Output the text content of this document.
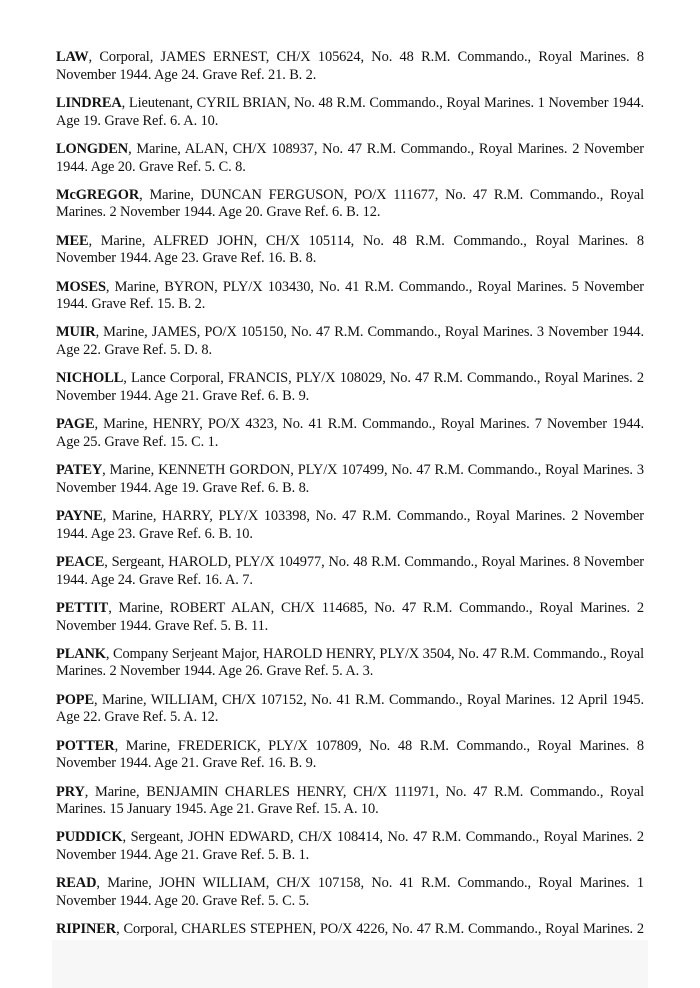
LAW, Corporal, JAMES ERNEST, CH/X 105624, No. 48 R.M. Commando., Royal Marines. 8 November 1944. Age 24. Grave Ref. 21. B. 2.
LINDREA, Lieutenant, CYRIL BRIAN, No. 48 R.M. Commando., Royal Marines. 1 November 1944. Age 19. Grave Ref. 6. A. 10.
LONGDEN, Marine, ALAN, CH/X 108937, No. 47 R.M. Commando., Royal Marines. 2 November 1944. Age 20. Grave Ref. 5. C. 8.
McGREGOR, Marine, DUNCAN FERGUSON, PO/X 111677, No. 47 R.M. Commando., Royal Marines. 2 November 1944. Age 20. Grave Ref. 6. B. 12.
MEE, Marine, ALFRED JOHN, CH/X 105114, No. 48 R.M. Commando., Royal Marines. 8 November 1944. Age 23. Grave Ref. 16. B. 8.
MOSES, Marine, BYRON, PLY/X 103430, No. 41 R.M. Commando., Royal Marines. 5 November 1944. Grave Ref. 15. B. 2.
MUIR, Marine, JAMES, PO/X 105150, No. 47 R.M. Commando., Royal Marines. 3 November 1944. Age 22. Grave Ref. 5. D. 8.
NICHOLL, Lance Corporal, FRANCIS, PLY/X 108029, No. 47 R.M. Commando., Royal Marines. 2 November 1944. Age 21. Grave Ref. 6. B. 9.
PAGE, Marine, HENRY, PO/X 4323, No. 41 R.M. Commando., Royal Marines. 7 November 1944. Age 25. Grave Ref. 15. C. 1.
PATEY, Marine, KENNETH GORDON, PLY/X 107499, No. 47 R.M. Commando., Royal Marines. 3 November 1944. Age 19. Grave Ref. 6. B. 8.
PAYNE, Marine, HARRY, PLY/X 103398, No. 47 R.M. Commando., Royal Marines. 2 November 1944. Age 23. Grave Ref. 6. B. 10.
PEACE, Sergeant, HAROLD, PLY/X 104977, No. 48 R.M. Commando., Royal Marines. 8 November 1944. Age 24. Grave Ref. 16. A. 7.
PETTIT, Marine, ROBERT ALAN, CH/X 114685, No. 47 R.M. Commando., Royal Marines. 2 November 1944. Grave Ref. 5. B. 11.
PLANK, Company Serjeant Major, HAROLD HENRY, PLY/X 3504, No. 47 R.M. Commando., Royal Marines. 2 November 1944. Age 26. Grave Ref. 5. A. 3.
POPE, Marine, WILLIAM, CH/X 107152, No. 41 R.M. Commando., Royal Marines. 12 April 1945. Age 22. Grave Ref. 5. A. 12.
POTTER, Marine, FREDERICK, PLY/X 107809, No. 48 R.M. Commando., Royal Marines. 8 November 1944. Age 21. Grave Ref. 16. B. 9.
PRY, Marine, BENJAMIN CHARLES HENRY, CH/X 111971, No. 47 R.M. Commando., Royal Marines. 15 January 1945. Age 21. Grave Ref. 15. A. 10.
PUDDICK, Sergeant, JOHN EDWARD, CH/X 108414, No. 47 R.M. Commando., Royal Marines. 2 November 1944. Age 21. Grave Ref. 5. B. 1.
READ, Marine, JOHN WILLIAM, CH/X 107158, No. 41 R.M. Commando., Royal Marines. 1 November 1944. Age 20. Grave Ref. 5. C. 5.
RIPINER, Corporal, CHARLES STEPHEN, PO/X 4226, No. 47 R.M. Commando., Royal Marines. 2
